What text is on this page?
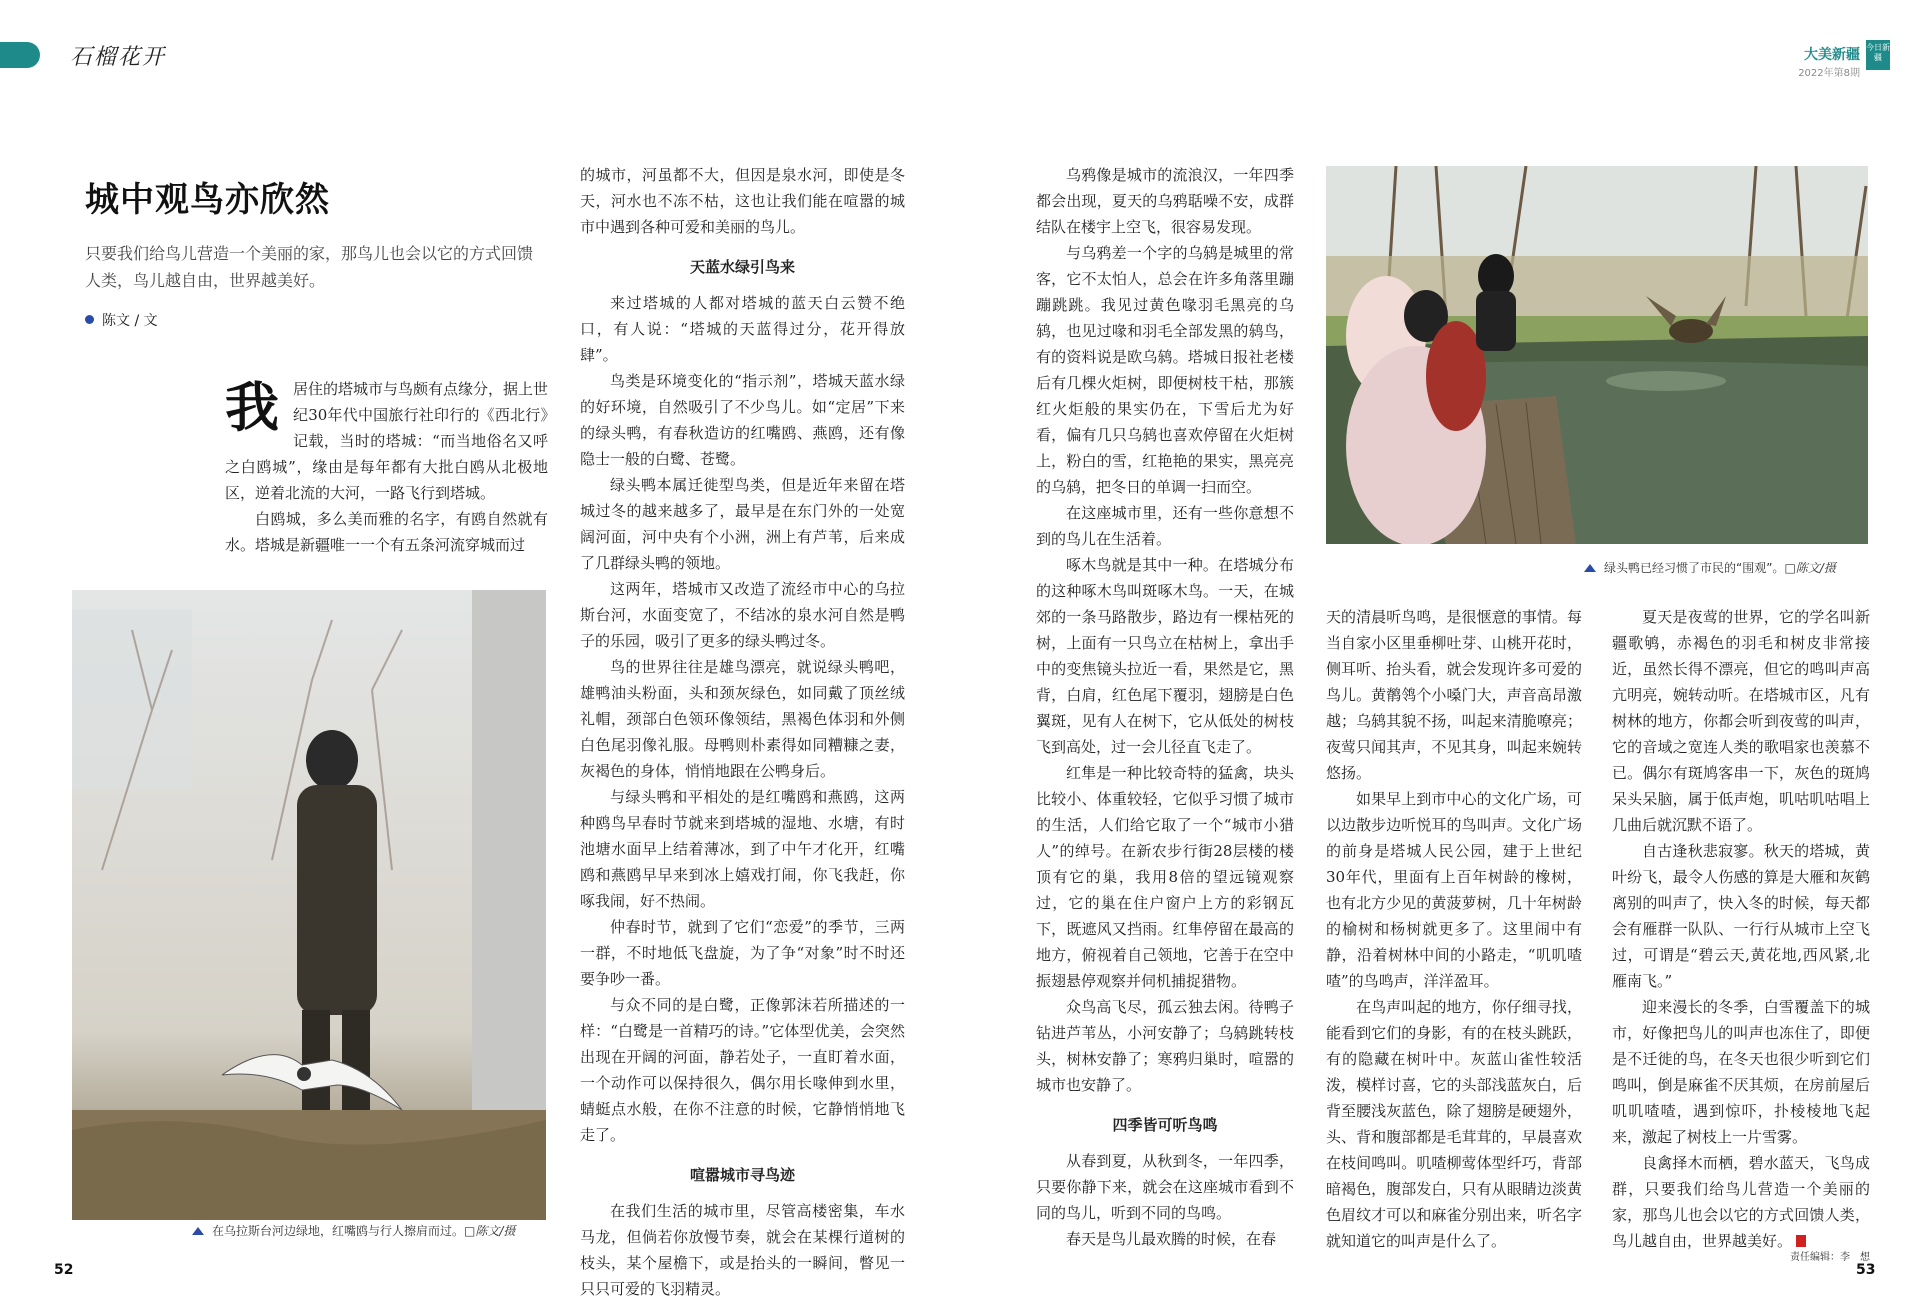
石榴花开	大美新疆
2022年第8期
今日新疆
城中观鸟亦欣然
只要我们给鸟儿营造一个美丽的家，那鸟儿也会以它的方式回馈人类，鸟儿越自由，世界越美好。
陈文 / 文
我 居住的塔城市与鸟颇有点缘分，据上世纪30年代中国旅行社印行的《西北行》记载，当时的塔城：“而当地俗名又呼之白鸥城”，缘由是每年都有大批白鸥从北极地区，逆着北流的大河，一路飞行到塔城。

白鸥城，多么美而雅的名字，有鸥自然就有水。塔城是新疆唯一一个有五条河流穿城而过

在乌拉斯台河边绿地，红嘴鸥与行人擦肩而过。□陈文/摄

的城市，河虽都不大，但因是泉水河，即使是冬天，河水也不冻不枯，这也让我们能在喧嚣的城市中遇到各种可爱和美丽的鸟儿。

天蓝水绿引鸟来

来过塔城的人都对塔城的蓝天白云赞不绝口，有人说：“塔城的天蓝得过分，花开得放肆”。

鸟类是环境变化的“指示剂”，塔城天蓝水绿的好环境，自然吸引了不少鸟儿。如“定居”下来的绿头鸭，有春秋造访的红嘴鸥、燕鸥，还有像隐士一般的白鹭、苍鹭。

绿头鸭本属迁徙型鸟类，但是近年来留在塔城过冬的越来越多了，最早是在东门外的一处宽阔河面，河中央有个小洲，洲上有芦苇，后来成了几群绿头鸭的领地。

这两年，塔城市又改造了流经市中心的乌拉斯台河，水面变宽了，不结冰的泉水河自然是鸭子的乐园，吸引了更多的绿头鸭过冬。

鸟的世界往往是雄鸟漂亮，就说绿头鸭吧，雄鸭油头粉面，头和颈灰绿色，如同戴了顶丝绒礼帽，颈部白色领环像领结，黑褐色体羽和外侧白色尾羽像礼服。母鸭则朴素得如同糟糠之妻，灰褐色的身体，悄悄地跟在公鸭身后。

与绿头鸭和平相处的是红嘴鸥和燕鸥，这两种鸥鸟早春时节就来到塔城的湿地、水塘，有时池塘水面早上结着薄冰，到了中午才化开，红嘴鸥和燕鸥早早来到冰上嬉戏打闹，你飞我赶，你啄我闹，好不热闹。

仲春时节，就到了它们“恋爱”的季节，三两一群，不时地低飞盘旋，为了争“对象”时不时还要争吵一番。

与众不同的是白鹭，正像郭沫若所描述的一样：“白鹭是一首精巧的诗。”它体型优美，会突然出现在开阔的河面，静若处子，一直盯着水面，一个动作可以保持很久，偶尔用长喙伸到水里，蜻蜓点水般，在你不注意的时候，它静悄悄地飞走了。

喧嚣城市寻鸟迹

在我们生活的城市里，尽管高楼密集，车水马龙，但倘若你放慢节奏，就会在某棵行道树的枝头，某个屋檐下，或是抬头的一瞬间，瞥见一只只可爱的飞羽精灵。

乌鸦像是城市的流浪汉，一年四季都会出现，夏天的乌鸦聒噪不安，成群结队在楼宇上空飞，很容易发现。

与乌鸦差一个字的乌鸫是城里的常客，它不太怕人，总会在许多角落里蹦蹦跳跳。我见过黄色喙羽毛黑亮的乌鸫，也见过喙和羽毛全部发黑的鸫鸟，有的资料说是欧乌鸫。塔城日报社老楼后有几棵火炬树，即便树枝干枯，那簇红火炬般的果实仍在，下雪后尤为好看，偏有几只乌鸫也喜欢停留在火炬树上，粉白的雪，红艳艳的果实，黑亮亮的乌鸫，把冬日的单调一扫而空。

在这座城市里，还有一些你意想不到的鸟儿在生活着。

啄木鸟就是其中一种。在塔城分布的这种啄木鸟叫斑啄木鸟。一天，在城郊的一条马路散步，路边有一棵枯死的树，上面有一只鸟立在枯树上，拿出手中的变焦镜头拉近一看，果然是它，黑背，白肩，红色尾下覆羽，翅膀是白色翼斑，见有人在树下，它从低处的树枝飞到高处，过一会儿径直飞走了。

红隼是一种比较奇特的猛禽，块头比较小、体重较轻，它似乎习惯了城市的生活，人们给它取了一个“城市小猎人”的绰号。在新农步行街28层楼的楼顶有它的巢，我用8倍的望远镜观察过，它的巢在住户窗户上方的彩钢瓦下，既遮风又挡雨。红隼停留在最高的地方，俯视着自己领地，它善于在空中振翅悬停观察并伺机捕捉猎物。

众鸟高飞尽，孤云独去闲。待鸭子钻进芦苇丛，小河安静了；乌鸫跳转枝头，树林安静了；寒鸦归巢时，喧嚣的城市也安静了。

四季皆可听鸟鸣

从春到夏，从秋到冬，一年四季，只要你静下来，就会在这座城市看到不同的鸟儿，听到不同的鸟鸣。

春天是鸟儿最欢腾的时候，在春

绿头鸭已经习惯了市民的“围观”。□陈文/摄

天的清晨听鸟鸣，是很惬意的事情。每当自家小区里垂柳吐芽、山桃开花时，侧耳听、抬头看，就会发现许多可爱的鸟儿。黄鹡鸰个小嗓门大，声音高昂激越；乌鸫其貌不扬，叫起来清脆嘹亮；夜莺只闻其声，不见其身，叫起来婉转悠扬。

如果早上到市中心的文化广场，可以边散步边听悦耳的鸟叫声。文化广场的前身是塔城人民公园，建于上世纪30年代，里面有上百年树龄的橡树，也有北方少见的黄菠萝树，几十年树龄的榆树和杨树就更多了。这里闹中有静，沿着树林中间的小路走，“叽叽喳喳”的鸟鸣声，洋洋盈耳。

在鸟声叫起的地方，你仔细寻找，能看到它们的身影，有的在枝头跳跃，有的隐藏在树叶中。灰蓝山雀性较活泼，模样讨喜，它的头部浅蓝灰白，后背至腰浅灰蓝色，除了翅膀是硬翅外，头、背和腹部都是毛茸茸的，早晨喜欢在枝间鸣叫。叽喳柳莺体型纤巧，背部暗褐色，腹部发白，只有从眼睛边淡黄色眉纹才可以和麻雀分别出来，听名字就知道它的叫声是什么了。

夏天是夜莺的世界，它的学名叫新疆歌鸲，赤褐色的羽毛和树皮非常接近，虽然长得不漂亮，但它的鸣叫声高亢明亮，婉转动听。在塔城市区，凡有树林的地方，你都会听到夜莺的叫声，它的音域之宽连人类的歌唱家也羡慕不已。偶尔有斑鸠客串一下，灰色的斑鸠呆头呆脑，属于低声炮，叽咕叽咕唱上几曲后就沉默不语了。

自古逢秋悲寂寥。秋天的塔城，黄叶纷飞，最令人伤感的算是大雁和灰鹤离别的叫声了，快入冬的时候，每天都会有雁群一队队、一行行从城市上空飞过，可谓是“碧云天,黄花地,西风紧,北雁南飞。”

迎来漫长的冬季，白雪覆盖下的城市，好像把鸟儿的叫声也冻住了，即便是不迁徙的鸟，在冬天也很少听到它们鸣叫，倒是麻雀不厌其烦，在房前屋后叽叽喳喳，遇到惊吓，扑棱棱地飞起来，激起了树枝上一片雪雾。

良禽择木而栖，碧水蓝天，飞鸟成群，只要我们给鸟儿营造一个美丽的家，那鸟儿也会以它的方式回馈人类，鸟儿越自由，世界越美好。

52
责任编辑：李　想
53
